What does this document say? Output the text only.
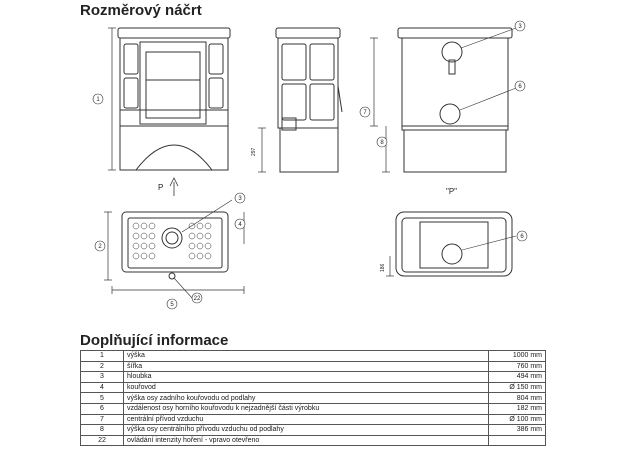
Rozměrový náčrt
3
6
1
7
8
3
4
2
6
22
5
P	"P"
297
186
Doplňující informace
1	výška	1000 mm
2	šířka	760 mm
3	hloubka	494 mm
4	kouřovod	Ø 150 mm
5	výška osy zadního kouřovodu od podlahy	804 mm
6	vzdálenost osy horního kouřovodu k nejzadnější části výrobku	182 mm
7	centrální přívod vzduchu	Ø 100 mm
8	výška osy centrálního přívodu vzduchu od podlahy	386 mm
22	ovládání intenzity hoření - vpravo otevřeno	
